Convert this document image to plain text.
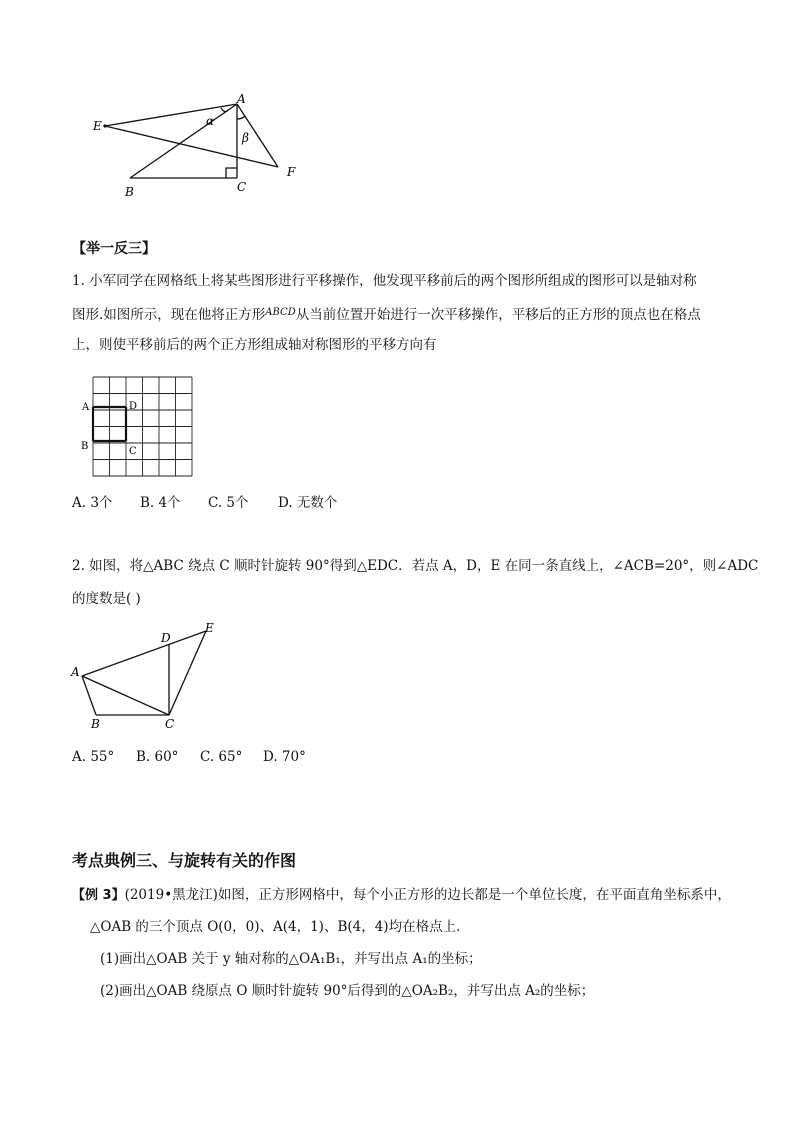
E
A
α
β
F
B	C
【举一反三】
1. 小军同学在网格纸上将某些图形进行平移操作，他发现平移前后的两个图形所组成的图形可以是轴对称
图形.如图所示，现在他将正方形$^{ABCD}$从当前位置开始进行一次平移操作，平移后的正方形的顶点也在格点
上，则使平移前后的两个正方形组成轴对称图形的平移方向有
A	D
B	C
A. 3个 B. 4个 C. 5个 D. 无数个
2. 如图，将△ABC 绕点 C 顺时针旋转 90°得到△EDC．若点 A，D，E 在同一条直线上，∠ACB=20°，则∠ADC
的度数是( )
A
B	C
D
E
A. 55° B. 60° C. 65° D. 70°
考点典例三、与旋转有关的作图
【例 3】(2019•黑龙江)如图，正方形网格中，每个小正方形的边长都是一个单位长度，在平面直角坐标系中，
△OAB 的三个顶点 O(0，0)、A(4，1)、B(4，4)均在格点上．
(1)画出△OAB 关于 y 轴对称的△OA₁B₁，并写出点 A₁的坐标；
(2)画出△OAB 绕原点 O 顺时针旋转 90°后得到的△OA₂B₂，并写出点 A₂的坐标；
